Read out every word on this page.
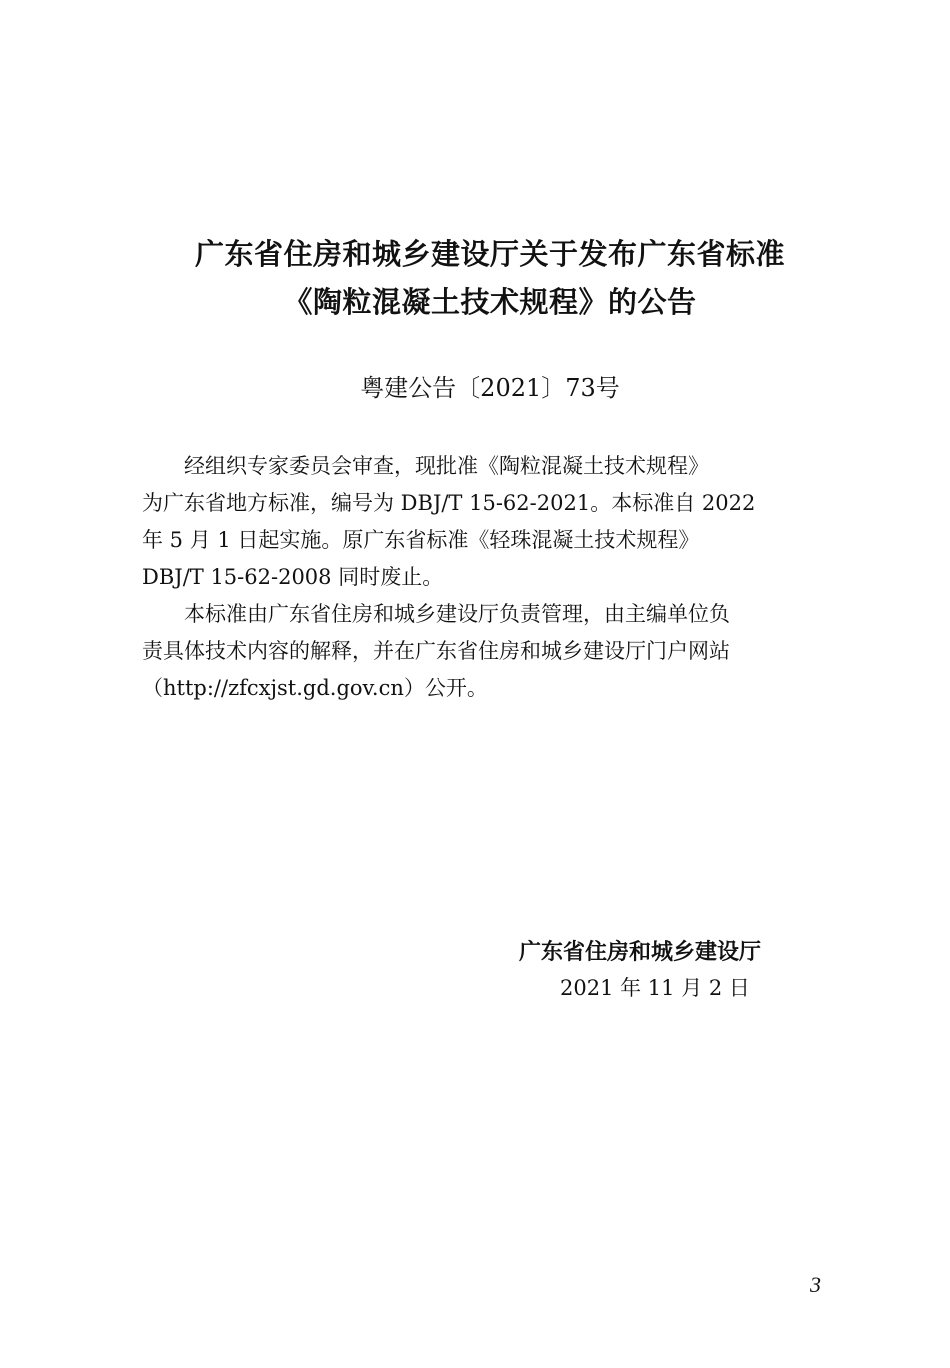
广东省住房和城乡建设厅关于发布广东省标准
《陶粒混凝土技术规程》的公告
粤建公告〔2021〕73号
　　经组织专家委员会审查，现批准《陶粒混凝土技术规程》
为广东省地方标准，编号为 DBJ/T 15-62-2021。本标准自 2022
年 5 月 1 日起实施。原广东省标准《轻珠混凝土技术规程》
DBJ/T 15-62-2008 同时废止。
　　本标准由广东省住房和城乡建设厅负责管理，由主编单位负
责具体技术内容的解释，并在广东省住房和城乡建设厅门户网站
（http://zfcxjst.gd.gov.cn）公开。
广东省住房和城乡建设厅
2021 年 11 月 2 日
3
